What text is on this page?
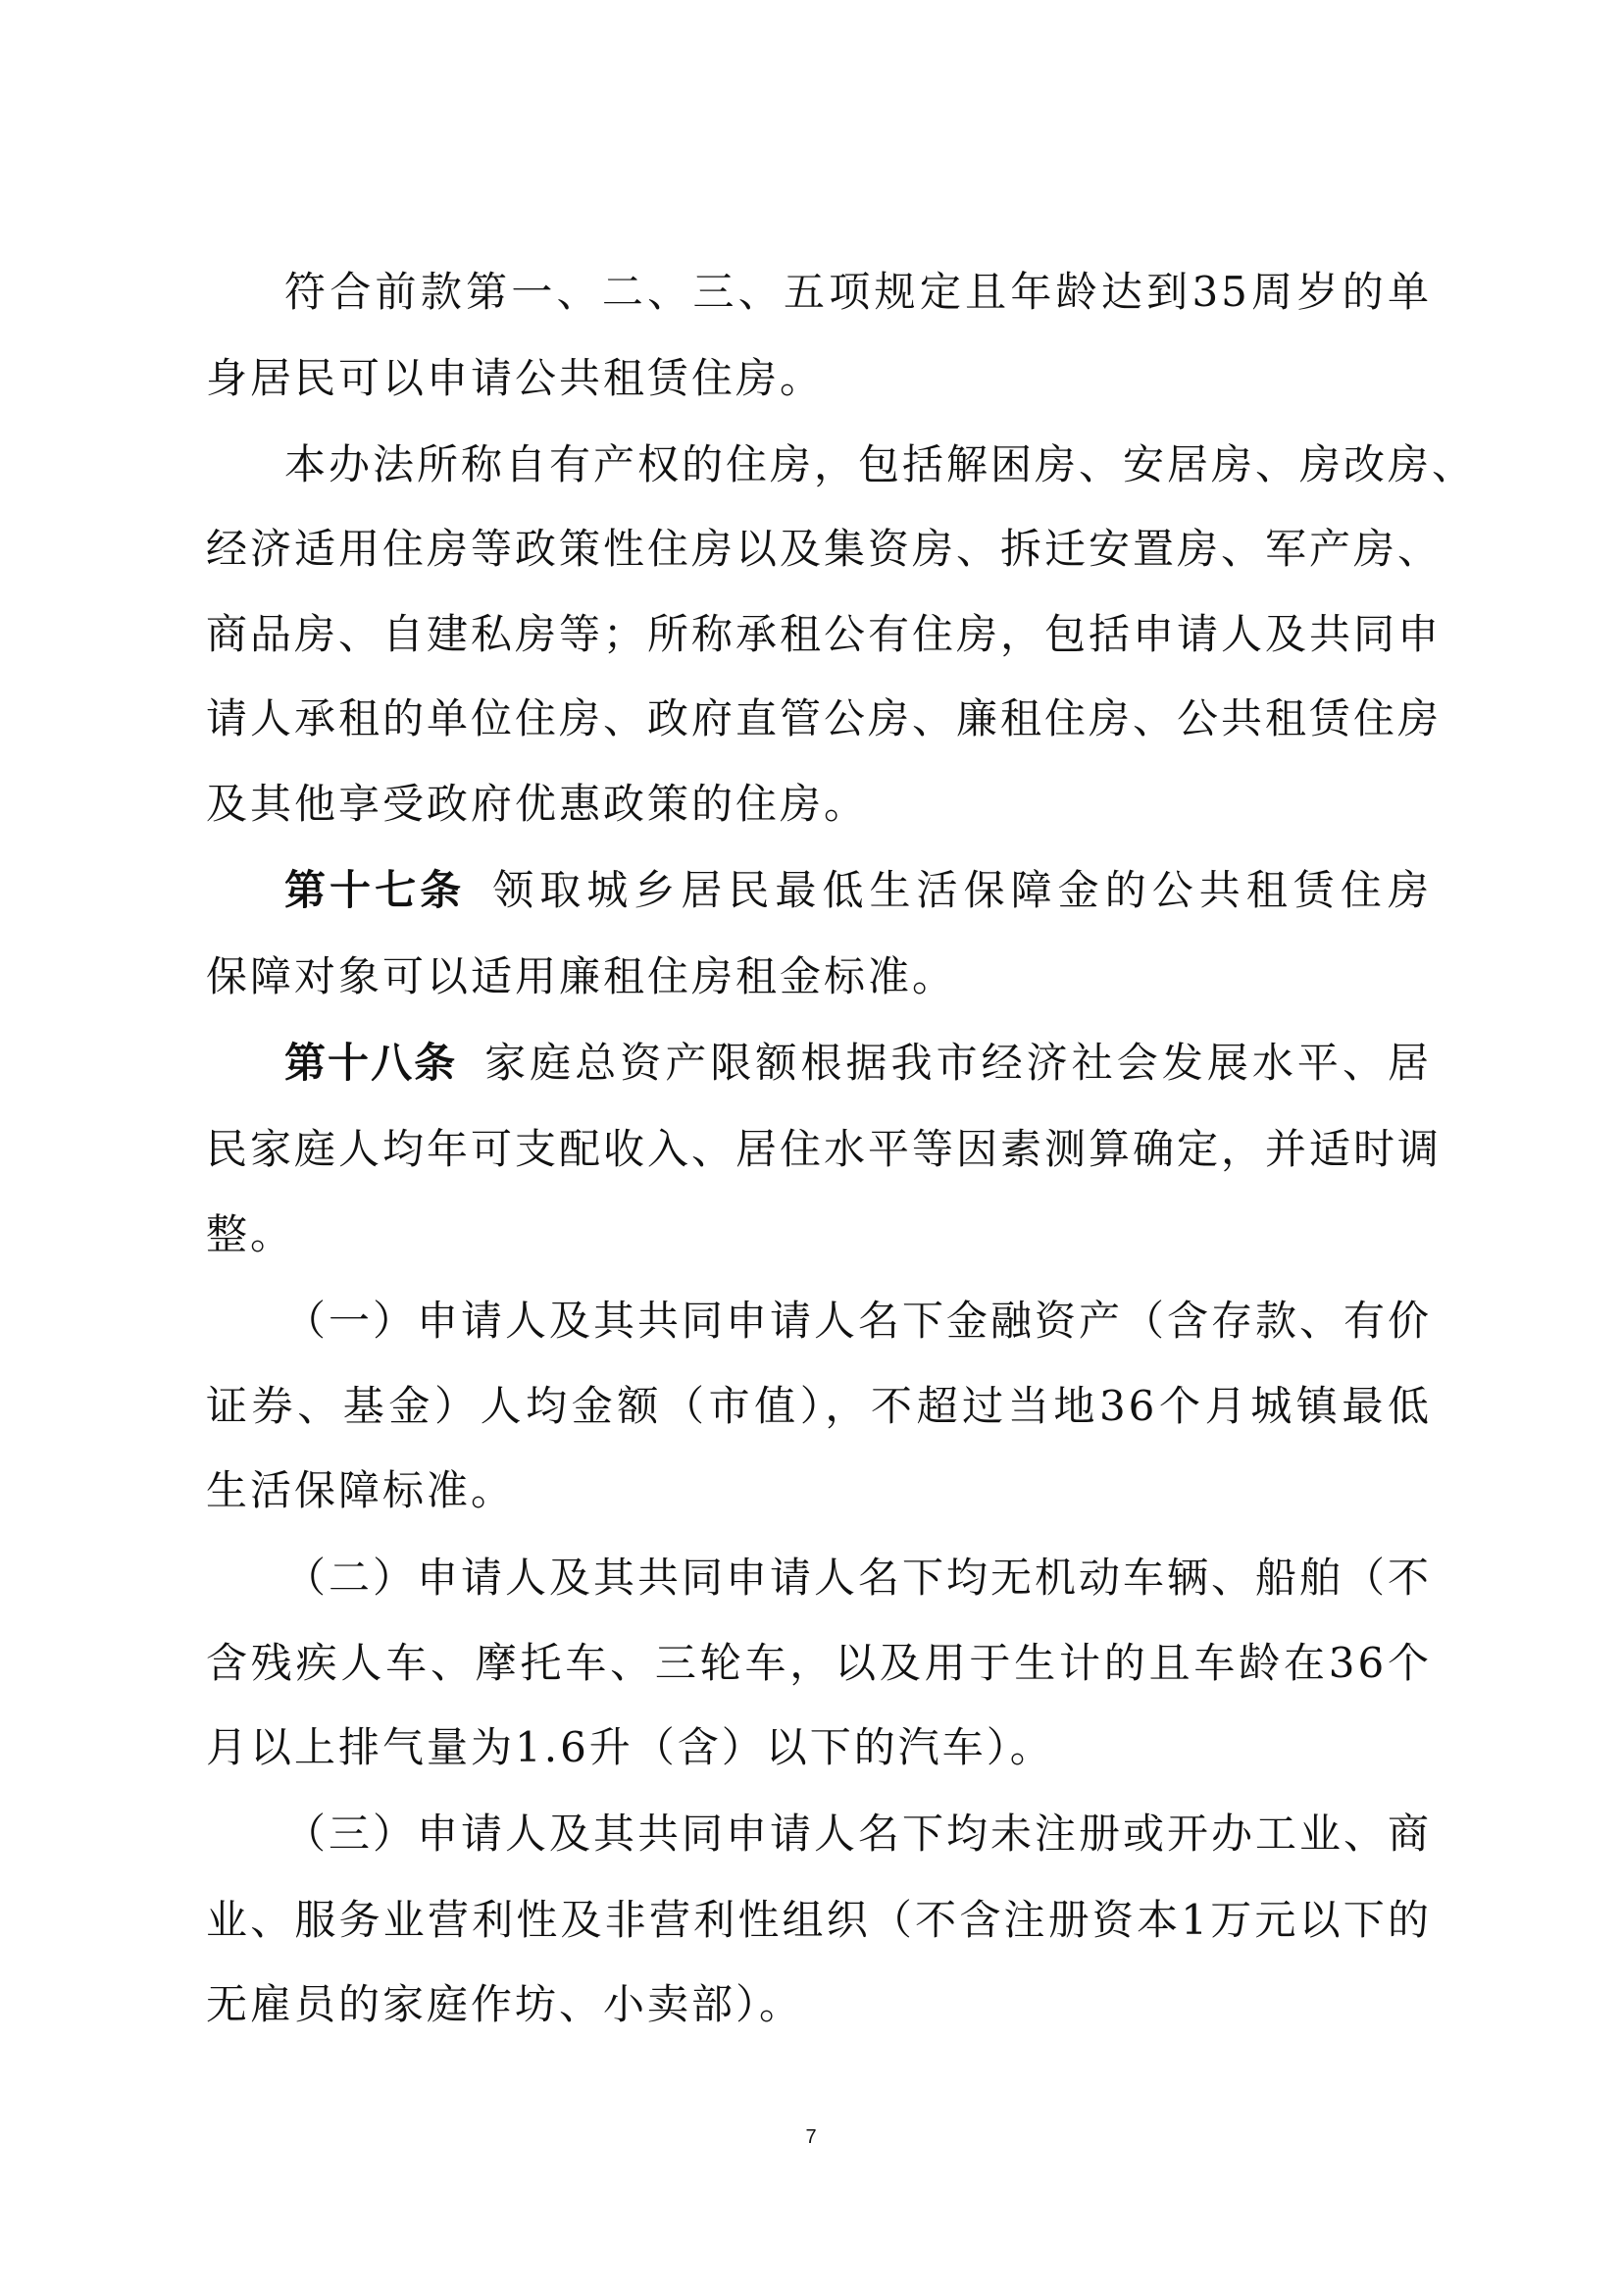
7
符合前款第一、二、三、五项规定且年龄达到35周岁的单
身居民可以申请公共租赁住房。
本办法所称自有产权的住房，包括解困房、安居房、房改房、
经济适用住房等政策性住房以及集资房、拆迁安置房、军产房、
商品房、自建私房等；所称承租公有住房，包括申请人及共同申
请人承租的单位住房、政府直管公房、廉租住房、公共租赁住房
及其他享受政府优惠政策的住房。
第十七条 领取城乡居民最低生活保障金的公共租赁住房
保障对象可以适用廉租住房租金标准。
第十八条 家庭总资产限额根据我市经济社会发展水平、居
民家庭人均年可支配收入、居住水平等因素测算确定，并适时调
整。
（一）申请人及其共同申请人名下金融资产（含存款、有价
证券、基金）人均金额（市值），不超过当地36个月城镇最低
生活保障标准。
（二）申请人及其共同申请人名下均无机动车辆、船舶（不
含残疾人车、摩托车、三轮车，以及用于生计的且车龄在36个
月以上排气量为1.6升（含）以下的汽车）。
（三）申请人及其共同申请人名下均未注册或开办工业、商
业、服务业营利性及非营利性组织（不含注册资本1万元以下的
无雇员的家庭作坊、小卖部）。
